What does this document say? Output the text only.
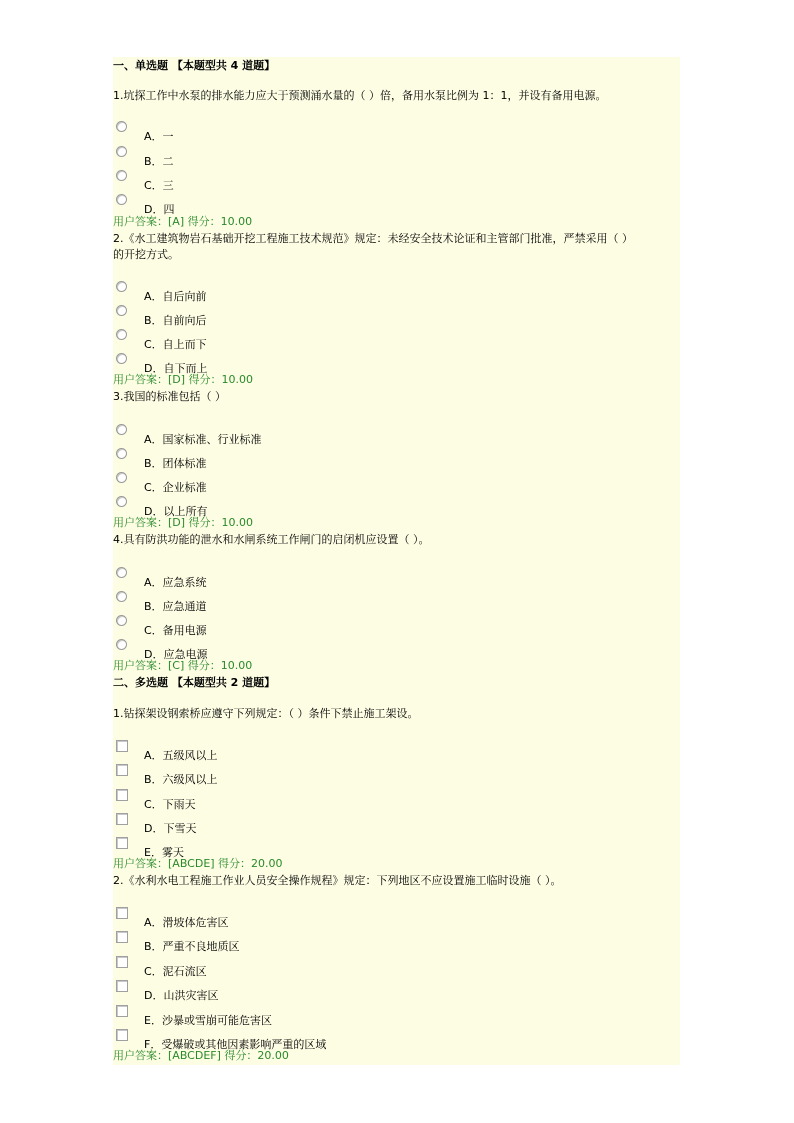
一、单选题 【本题型共 4 道题】
1.坑探工作中水泵的排水能力应大于预测涌水量的（ ）倍，备用水泵比例为 1：1，并设有备用电源。
A．一
B．二
C．三
D．四
用户答案：[A] 得分：10.00
2.《水工建筑物岩石基础开挖工程施工技术规范》规定：未经安全技术论证和主管部门批准，严禁采用（ ）
的开挖方式。
A．自后向前
B．自前向后
C．自上而下
D．自下而上
用户答案：[D] 得分：10.00
3.我国的标准包括（ ）
A．国家标准、行业标准
B．团体标准
C．企业标准
D．以上所有
用户答案：[D] 得分：10.00
4.具有防洪功能的泄水和水闸系统工作闸门的启闭机应设置（ ）。
A．应急系统
B．应急通道
C．备用电源
D．应急电源
用户答案：[C] 得分：10.00
二、多选题 【本题型共 2 道题】
1.钻探架设钢索桥应遵守下列规定：（ ）条件下禁止施工架设。
A．五级风以上
B．六级风以上
C．下雨天
D．下雪天
E．雾天
用户答案：[ABCDE] 得分：20.00
2.《水利水电工程施工作业人员安全操作规程》规定：下列地区不应设置施工临时设施（ ）。
A．滑坡体危害区
B．严重不良地质区
C．泥石流区
D．山洪灾害区
E．沙暴或雪崩可能危害区
F．受爆破或其他因素影响严重的区域
用户答案：[ABCDEF] 得分：20.00
